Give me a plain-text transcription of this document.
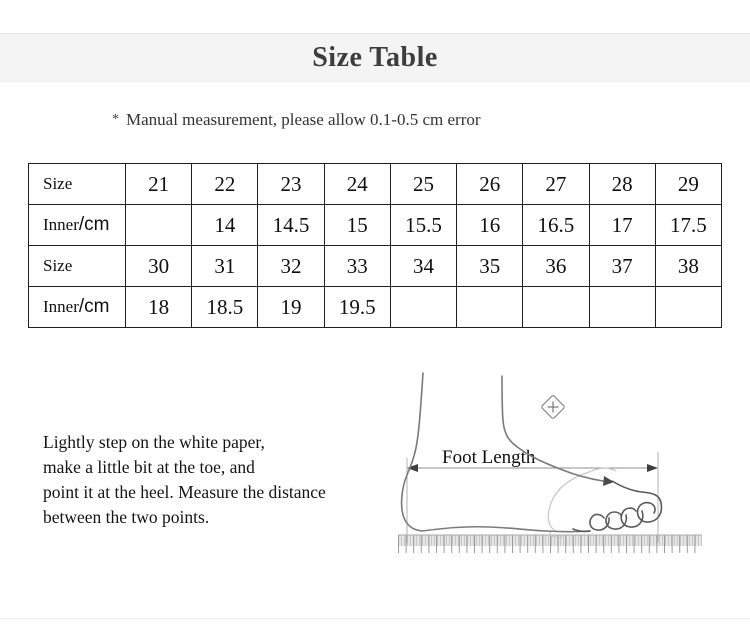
Size Table
* Manual measurement, please allow 0.1-0.5 cm error
Size	21	22	23	24	25	26	27	28	29
Inner/cm		14	14.5	15	15.5	16	16.5	17	17.5
Size	30	31	32	33	34	35	36	37	38
Inner/cm	18	18.5	19	19.5					
Lightly step on the white paper,
make a little bit at the toe, and
point it at the heel. Measure the distance
between the two points.
Foot Length
